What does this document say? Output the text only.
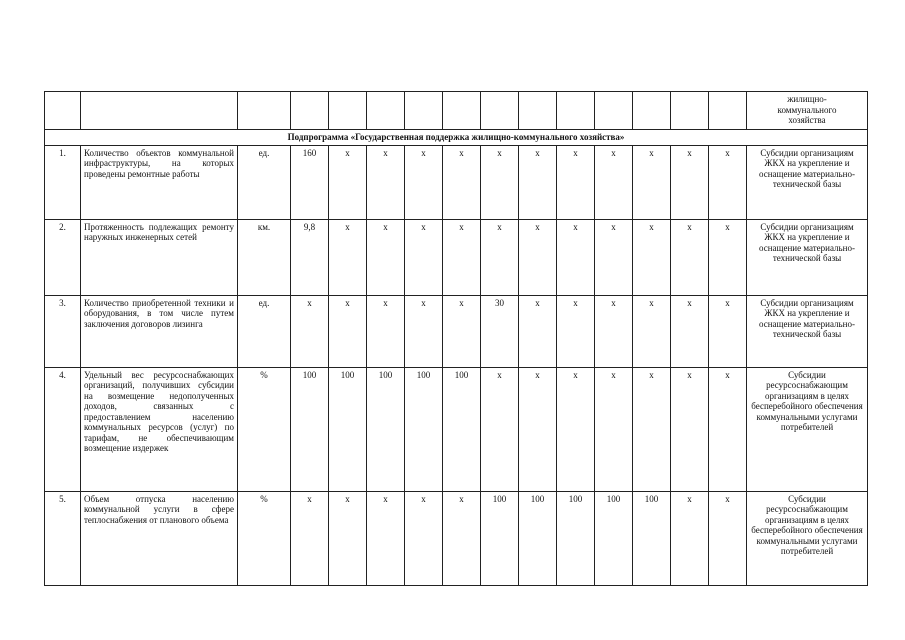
															жилищно-
коммунального
хозяйства
Подпрограмма «Государственная поддержка жилищно-коммунального хозяйства»															
1.	Количество объектов коммунальной инфраструктуры, на которых проведены ремонтные работы	ед.	160	х	х	х	х	х	х	х	х	х	х	х	Субсидии организациям ЖКХ на укрепление и оснащение материально-технической базы
2.	Протяженность подлежащих ремонту наружных инженерных сетей	км.	9,8	х	х	х	х	х	х	х	х	х	х	х	Субсидии организациям ЖКХ на укрепление и оснащение материально-технической базы
3.	Количество приобретенной техники и оборудования, в том числе путем заключения договоров лизинга	ед.	х	х	х	х	х	30	х	х	х	х	х	х	Субсидии организациям ЖКХ на укрепление и оснащение материально-технической базы
4.	Удельный вес ресурсоснабжающих организаций, получивших субсидии на возмещение недополученных доходов, связанных с предоставлением населению коммунальных ресурсов (услуг) по тарифам, не обеспечивающим возмещение издержек	%	100	100	100	100	100	х	х	х	х	х	х	х	Субсидии ресурсоснабжающим организациям в целях бесперебойного обеспечения коммунальными услугами потребителей
5.	Объем отпуска населению коммунальной услуги в сфере теплоснабжения от планового объема	%	х	х	х	х	х	100	100	100	100	100	х	х	Субсидии ресурсоснабжающим организациям в целях бесперебойного обеспечения коммунальными услугами потребителей
